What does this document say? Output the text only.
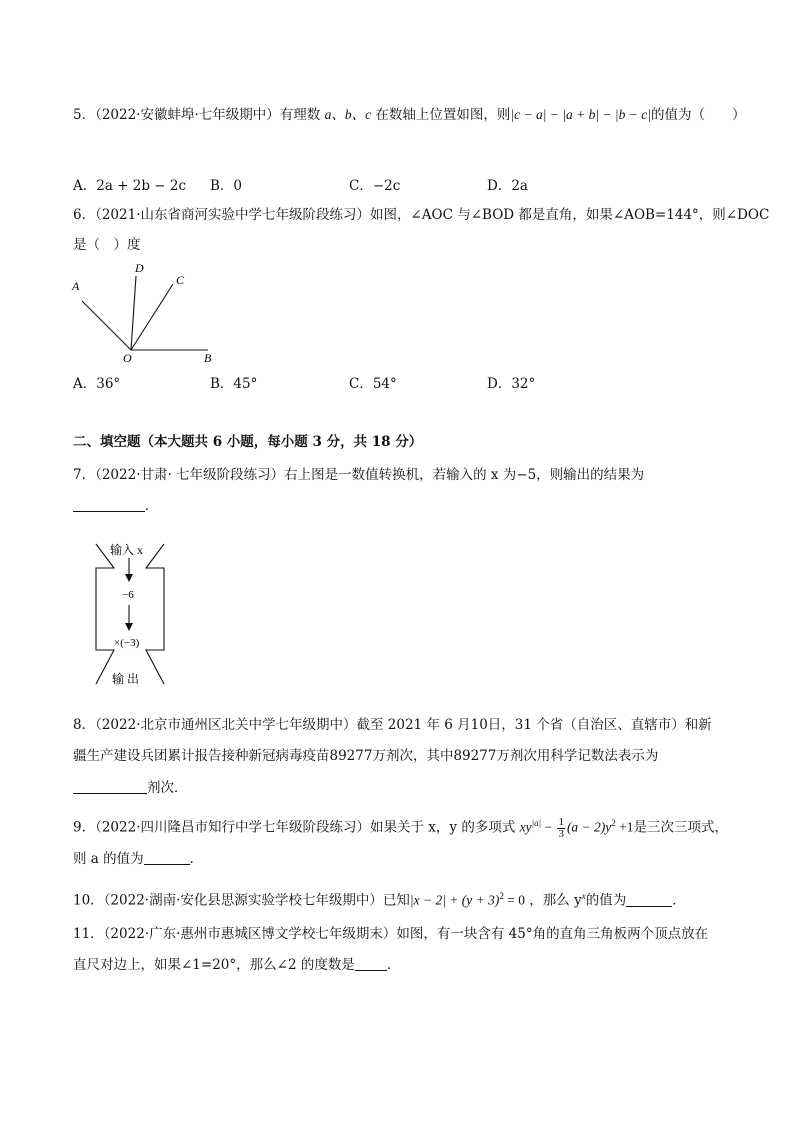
5．（2022·安徽蚌埠·七年级期中）有理数 a、b、c 在数轴上位置如图，则|c − a| − |a + b| − |b − c|的值为（　　）
A．2a + 2b − 2c B．0	C．−2c	D．2a
6．（2021·山东省商河实验中学七年级阶段练习）如图，∠AOC 与∠BOD 都是直角，如果∠AOB=144°，则∠DOC
是（　）度
A
D
C
O	B
A．36°	B．45°	C．54°	D．32°
二、填空题（本大题共 6 小题，每小题 3 分，共 18 分）
7．（2022·甘肃· 七年级阶段练习）右上图是一数值转换机，若输入的 x 为−5，则输出的结果为
．
输入 x
−6
×(−3)
输 出
8．（2022·北京市通州区北关中学七年级期中）截至 2021 年 6 月10日，31 个省（自治区、直辖市）和新
疆生产建设兵团累计报告接种新冠病毒疫苗89277万剂次，其中89277万剂次用科学记数法表示为
剂次．
9．（2022·四川隆昌市知行中学七年级阶段练习）如果关于 x，y 的多项式 $xy^{|a|} - \frac{1}{3} (a - 2)y^2 +1$是三次三项式，
则 a 的值为	．
10．（2022·湖南·安化县思源实验学校七年级期中）已知$|x - 2| + (y + 3)^2 = 0$ ，那么 $y^x$的值为	．
11．（2022·广东·惠州市惠城区博文学校七年级期末）如图，有一块含有 45°角的直角三角板两个顶点放在
直尺对边上，如果∠1=20°，那么∠2 的度数是 ．
